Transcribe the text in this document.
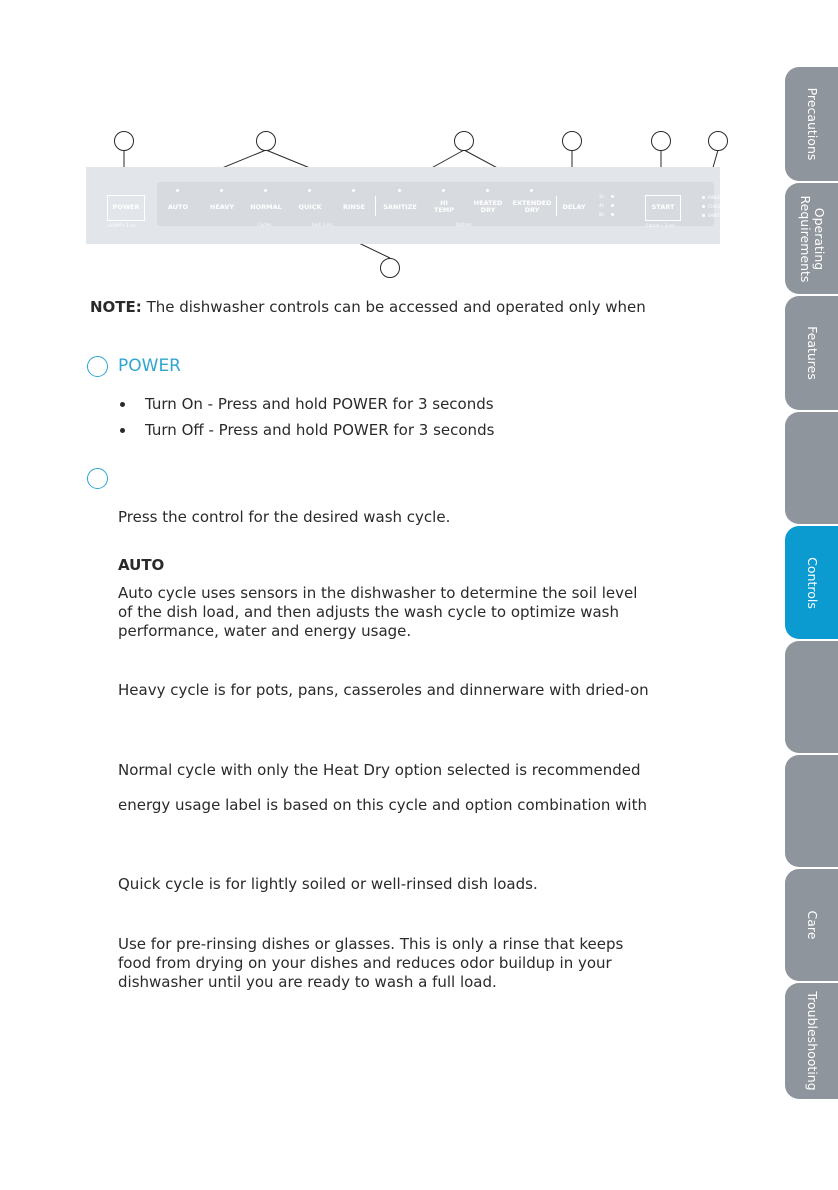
POWER
On/Off • 3 sec
AUTO	HEAVY	NORMAL	QUICK	RINSE
Cycles	Lock 3 sec
SANITIZE	HI
TEMP
HEATED
DRY
EXTENDED
DRY
Options
DELAY
2h
4h
8h
START
Cancel • 3 sec
RINSE AID
CHILD LOCK
SANITIZED
NOTE: The dishwasher controls can be accessed and operated only when
POWER
Turn On - Press and hold POWER for 3 seconds
Turn Off - Press and hold POWER for 3 seconds
Press the control for the desired wash cycle.
AUTO
Auto cycle uses sensors in the dishwasher to determine the soil level
of the dish load, and then adjusts the wash cycle to optimize wash
performance, water and energy usage.
Heavy cycle is for pots, pans, casseroles and dinnerware with dried-on
Normal cycle with only the Heat Dry option selected is recommended
energy usage label is based on this cycle and option combination with
Quick cycle is for lightly soiled or well-rinsed dish loads.
Use for pre-rinsing dishes or glasses. This is only a rinse that keeps
food from drying on your dishes and reduces odor buildup in your
dishwasher until you are ready to wash a full load.
Precautions
Operating
Requirements
Features
Controls
Care
Troubleshooting
